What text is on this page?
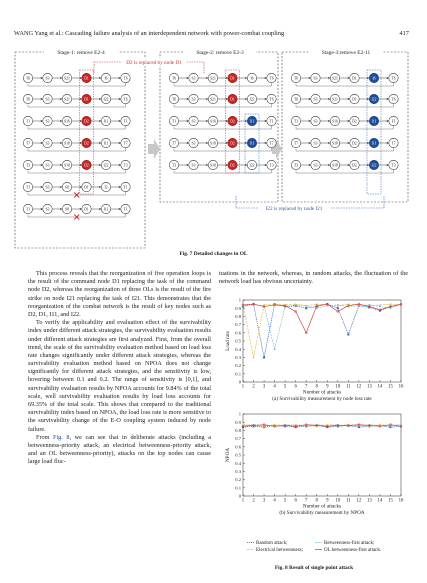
WANG Yang et al.: Cascading failure analysis of an interdependent network with power-combat coupling	417
Stage-1: remove E2-4	Stage-2: remove E2-3	Stage-3:remove E2-11
D2 is replaced by node D1
I22 is replaced by node I21
T6	S3	S21	D1	I6	T6	T6	S3	S21	D1	I6	T6	T6	S3	S21	D1	I6	T6
T6	S3	S21	D1	I22	T6	T6	S3	S21	D1	I22	T6	T6	S3	S21	D1	I22	T6
T1	S3	S16	D2	I11	T1	T1	S3	S16	D2	I11	T1	T1	S3	S16	D2	I11	T1
T7	S3	S18	D2	I11	T7	T7	S3	S18	D2	I11	T7	T7	S3	S18	D2	I11	T7
T3	S3	S18	D2	I22	T3	T3	S3	S18	D2	I22	T3	T3	S3	S18	D2	I22	T3
T1	S3	S8	D1	I3	T1
T1	S3	S8	D1	I11	T1
Fig. 7 Detailed changes in OL

This process reveals that the reorganization of five operation loops is the result of the command node D1 replacing the task of the command node D2, whereas the reorganization of three OLs is the result of the fire strike on node I21 replacing the task of I21. This demonstrates that the reorganization of the combat network is the result of key nodes such as D2, D1, I11, and I22.

To verify the applicability and evaluation effect of the survivability index under different attack strategies, the survivability evaluation results under different attack strategies are first analyzed. First, from the overall trend, the scale of the survivability evaluation method based on load loss rate changes significantly under different attack strategies, whereas the survivability evaluation method based on NPOA does not change significantly for different attack strategies, and the sensitivity is low, hovering between 0.1 and 0.2. The range of sensitivity is [0,1], and survivability evaluation results by NPOA accounts for 9.84% of the total scale, well survivability evaluation results by load loss accounts for 69.35% of the total scale. This shows that compared to the traditional survivability index based on NPOA, the load loss rate is more sensitive to the survivability change of the E-O coupling system induced by node failure.

From Fig. 8, we can see that in deliberate attacks (including a betweenness-priority attack, an electrical betweenness-priority attack, and an OL betweenness-priority), attacks on the top nodes can cause large load fluc-

tuations in the network, whereas, in random attacks, the fluctuation of the network load has obvious uncertainty.

0
0.1
0.2
0.3
0.4
0.5
0.6
0.7
0.8
0.9
1
1 2 3 4 5 6 7 8 9 10 11 12 13 14 15 16
Number of attacks
Load rate
(a) Survivability measurement by node loss rate
0
0.1
0.2
0.3
0.4
0.5
0.6
0.7
0.8
0.9
1
1 2 3 4 5 6 7 8 9 10 11 12 13 14 15 16
Number of attacks
NPOA
(b) Survivability measurement by NPOA
Random attack;	Betweenness-first attack;
Electrical betweenness;	OL betweenness-first attack.
Fig. 8 Result of single point attack
